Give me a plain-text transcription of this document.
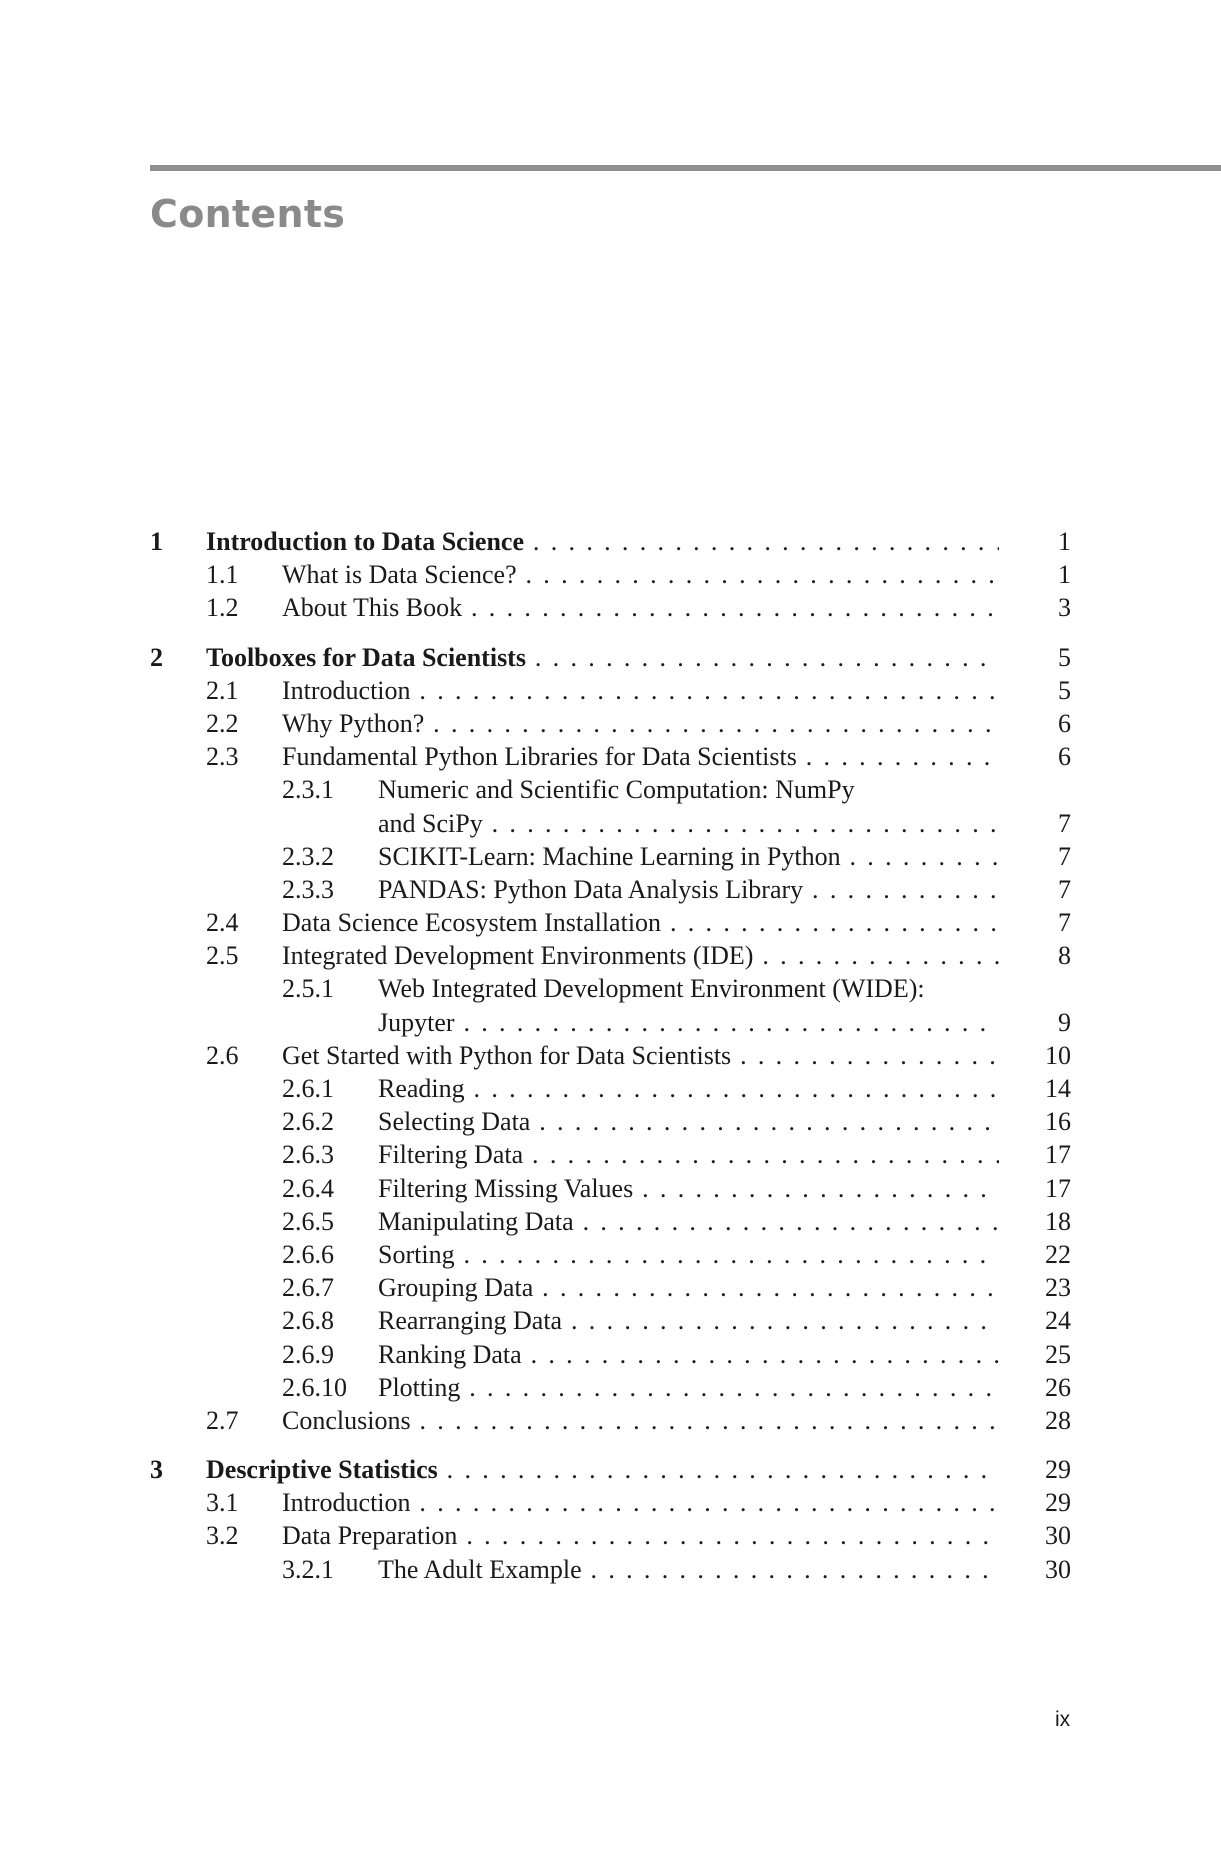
Contents
1 Introduction to Data Science . . .	1
1.1 What is Data Science? . . .	1
1.2 About This Book . . .	3
2 Toolboxes for Data Scientists . . .	5
2.1 Introduction . . .	5
2.2 Why Python? . . .	6
2.3 Fundamental Python Libraries for Data Scientists . . .	6
2.3.1 Numeric and Scientific Computation: NumPy
and SciPy . . .	7
2.3.2 SCIKIT-Learn: Machine Learning in Python . . .	7
2.3.3 PANDAS: Python Data Analysis Library . . .	7
2.4 Data Science Ecosystem Installation . . .	7
2.5 Integrated Development Environments (IDE) . . .	8
2.5.1 Web Integrated Development Environment (WIDE):
Jupyter . . .	9
2.6 Get Started with Python for Data Scientists . . .	10
2.6.1 Reading . . .	14
2.6.2 Selecting Data . . .	16
2.6.3 Filtering Data . . .	17
2.6.4 Filtering Missing Values . . .	17
2.6.5 Manipulating Data . . .	18
2.6.6 Sorting . . .	22
2.6.7 Grouping Data . . .	23
2.6.8 Rearranging Data . . .	24
2.6.9 Ranking Data . . .	25
2.6.10 Plotting . . .	26
2.7 Conclusions . . .	28
3 Descriptive Statistics . . .	29
3.1 Introduction . . .	29
3.2 Data Preparation . . .	30
3.2.1 The Adult Example . . .	30
ix
